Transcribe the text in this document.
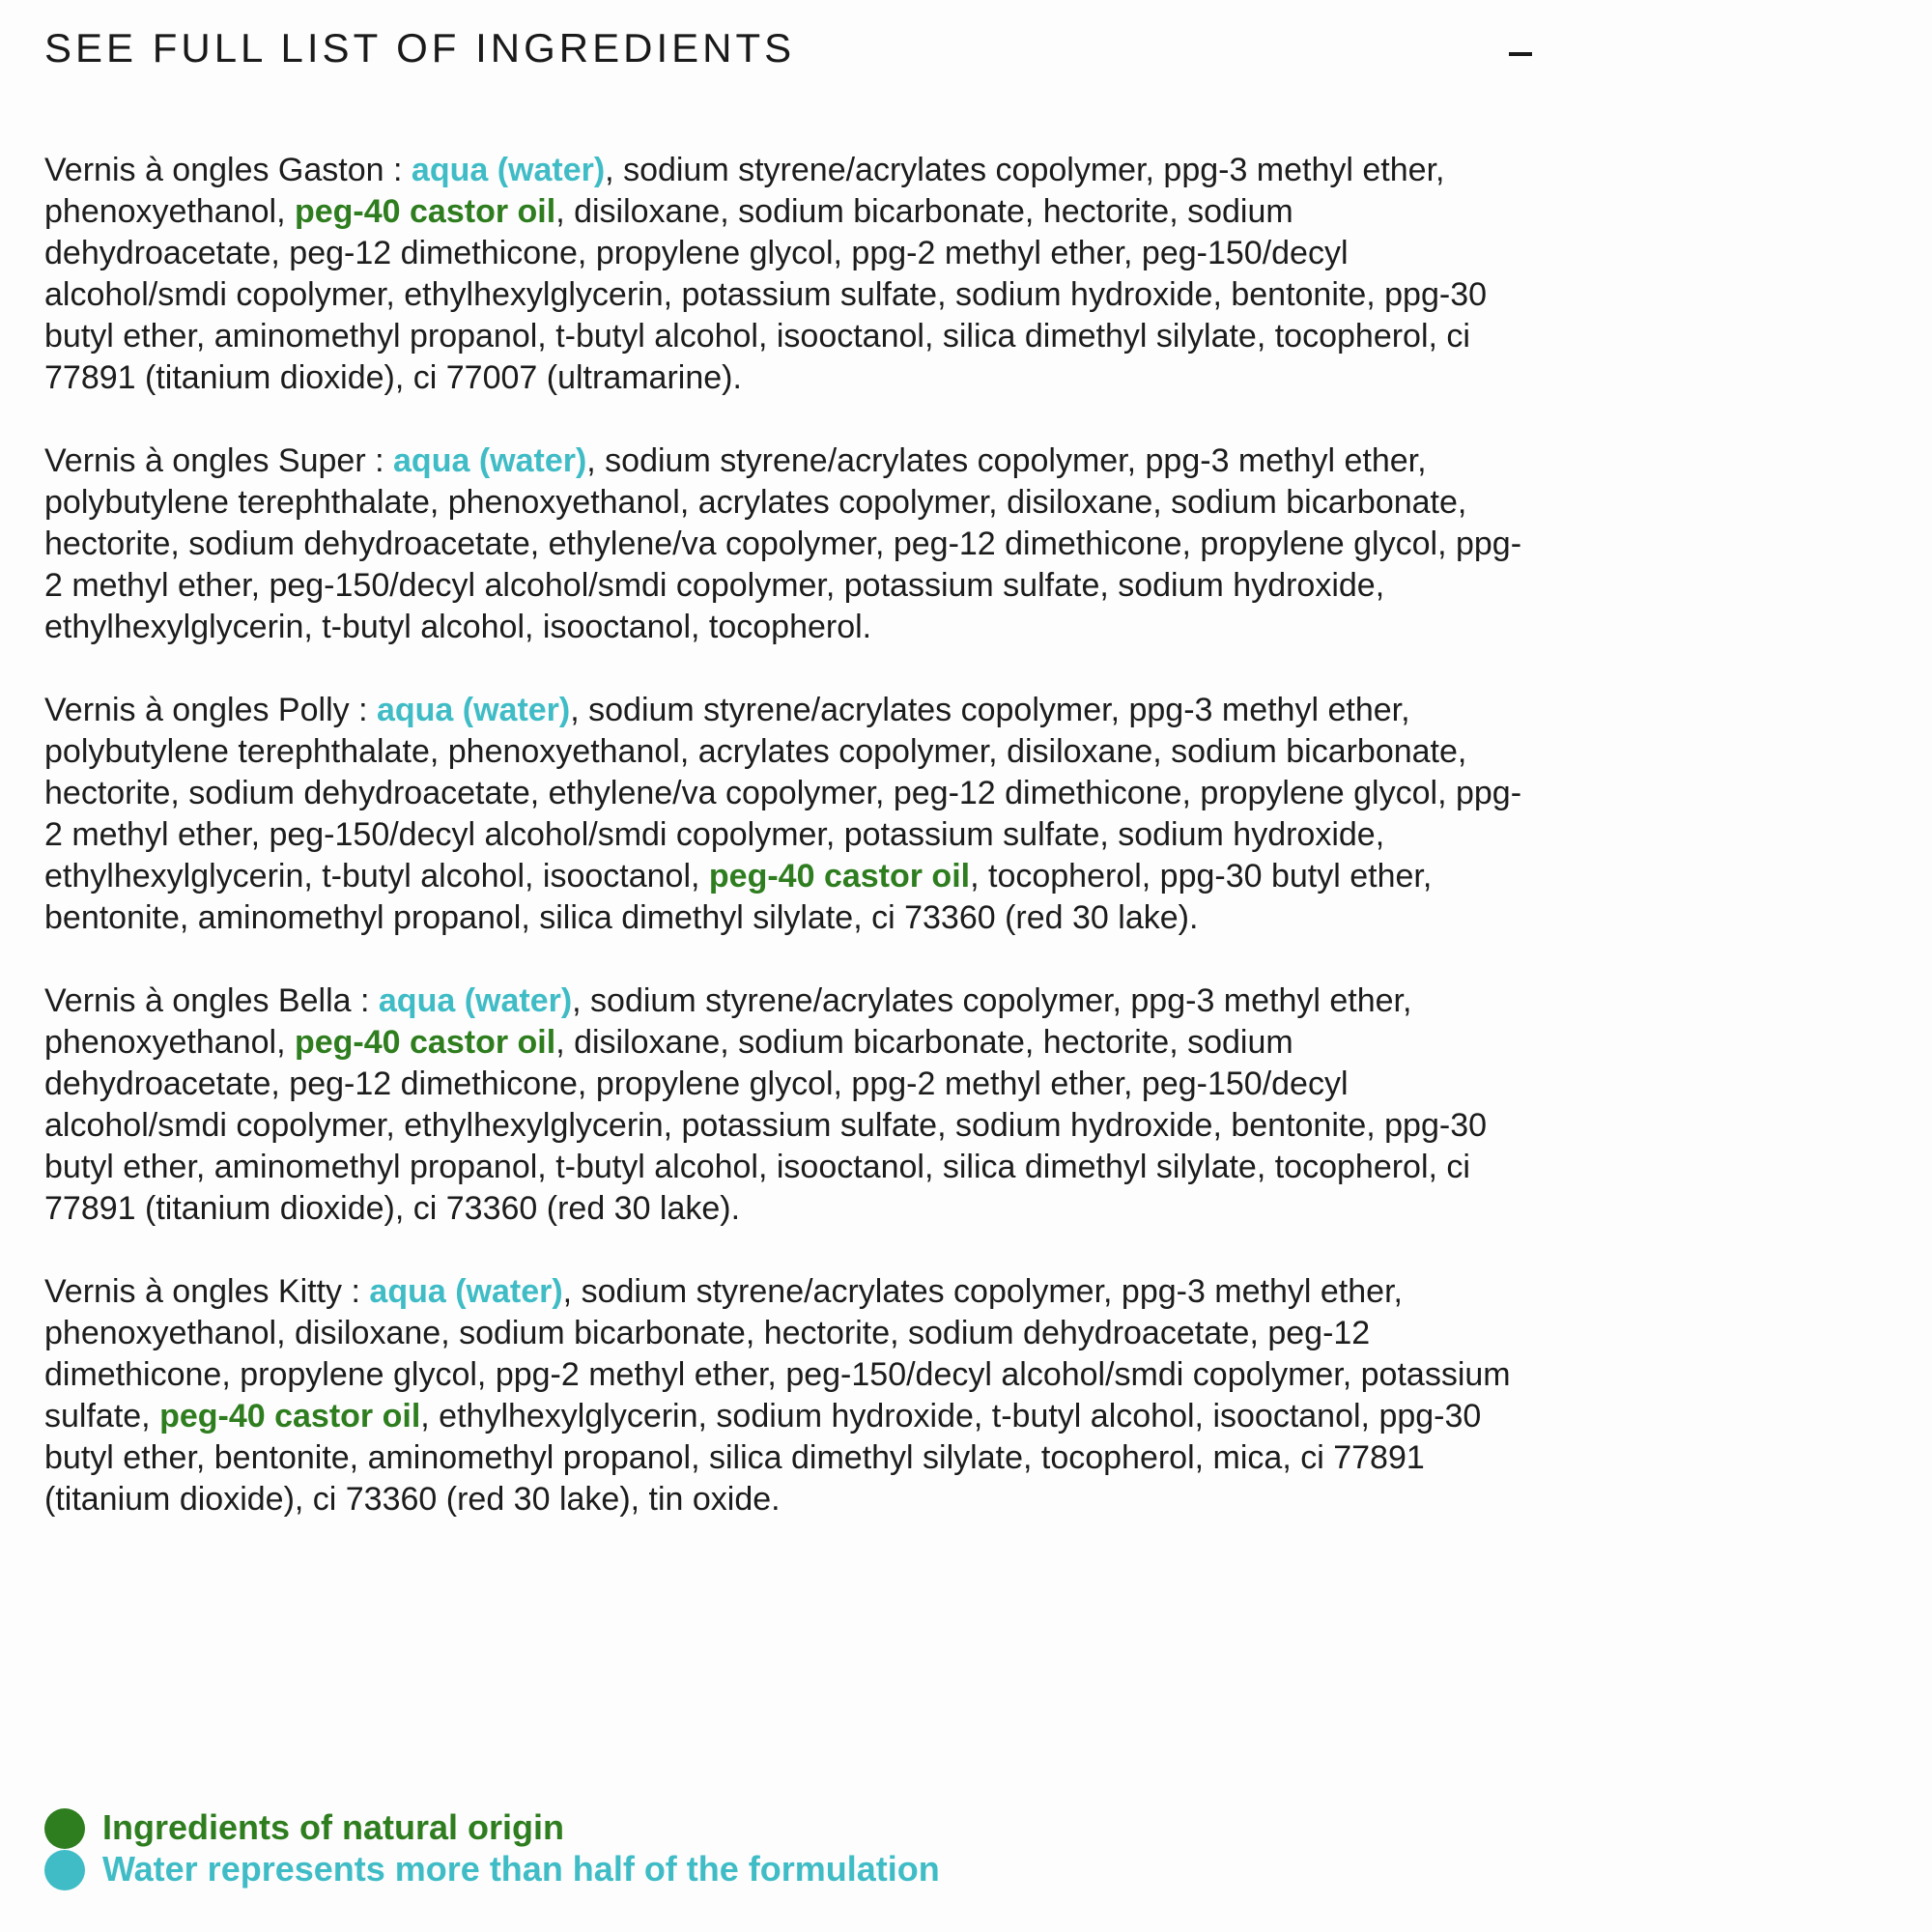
SEE FULL LIST OF INGREDIENTS

Vernis à ongles Gaston : aqua (water), sodium styrene/acrylates copolymer, ppg-3 methyl ether, phenoxyethanol, peg-40 castor oil, disiloxane, sodium bicarbonate, hectorite, sodium dehydroacetate, peg-12 dimethicone, propylene glycol, ppg-2 methyl ether, peg-150/decyl alcohol/smdi copolymer, ethylhexylglycerin, potassium sulfate, sodium hydroxide, bentonite, ppg-30 butyl ether, aminomethyl propanol, t-butyl alcohol, isooctanol, silica dimethyl silylate, tocopherol, ci 77891 (titanium dioxide), ci 77007 (ultramarine).

Vernis à ongles Super : aqua (water), sodium styrene/acrylates copolymer, ppg-3 methyl ether, polybutylene terephthalate, phenoxyethanol, acrylates copolymer, disiloxane, sodium bicarbonate, hectorite, sodium dehydroacetate, ethylene/va copolymer, peg-12 dimethicone, propylene glycol, ppg-2 methyl ether, peg-150/decyl alcohol/smdi copolymer, potassium sulfate, sodium hydroxide, ethylhexylglycerin, t-butyl alcohol, isooctanol, tocopherol.

Vernis à ongles Polly : aqua (water), sodium styrene/acrylates copolymer, ppg-3 methyl ether, polybutylene terephthalate, phenoxyethanol, acrylates copolymer, disiloxane, sodium bicarbonate, hectorite, sodium dehydroacetate, ethylene/va copolymer, peg-12 dimethicone, propylene glycol, ppg-2 methyl ether, peg-150/decyl alcohol/smdi copolymer, potassium sulfate, sodium hydroxide, ethylhexylglycerin, t-butyl alcohol, isooctanol, peg-40 castor oil, tocopherol, ppg-30 butyl ether, bentonite, aminomethyl propanol, silica dimethyl silylate, ci 73360 (red 30 lake).

Vernis à ongles Bella : aqua (water), sodium styrene/acrylates copolymer, ppg-3 methyl ether, phenoxyethanol, peg-40 castor oil, disiloxane, sodium bicarbonate, hectorite, sodium dehydroacetate, peg-12 dimethicone, propylene glycol, ppg-2 methyl ether, peg-150/decyl alcohol/smdi copolymer, ethylhexylglycerin, potassium sulfate, sodium hydroxide, bentonite, ppg-30 butyl ether, aminomethyl propanol, t-butyl alcohol, isooctanol, silica dimethyl silylate, tocopherol, ci 77891 (titanium dioxide), ci 73360 (red 30 lake).

Vernis à ongles Kitty : aqua (water), sodium styrene/acrylates copolymer, ppg-3 methyl ether, phenoxyethanol, disiloxane, sodium bicarbonate, hectorite, sodium dehydroacetate, peg-12 dimethicone, propylene glycol, ppg-2 methyl ether, peg-150/decyl alcohol/smdi copolymer, potassium sulfate, peg-40 castor oil, ethylhexylglycerin, sodium hydroxide, t-butyl alcohol, isooctanol, ppg-30 butyl ether, bentonite, aminomethyl propanol, silica dimethyl silylate, tocopherol, mica, ci 77891 (titanium dioxide), ci 73360 (red 30 lake), tin oxide.

Ingredients of natural origin
Water represents more than half of the formulation
